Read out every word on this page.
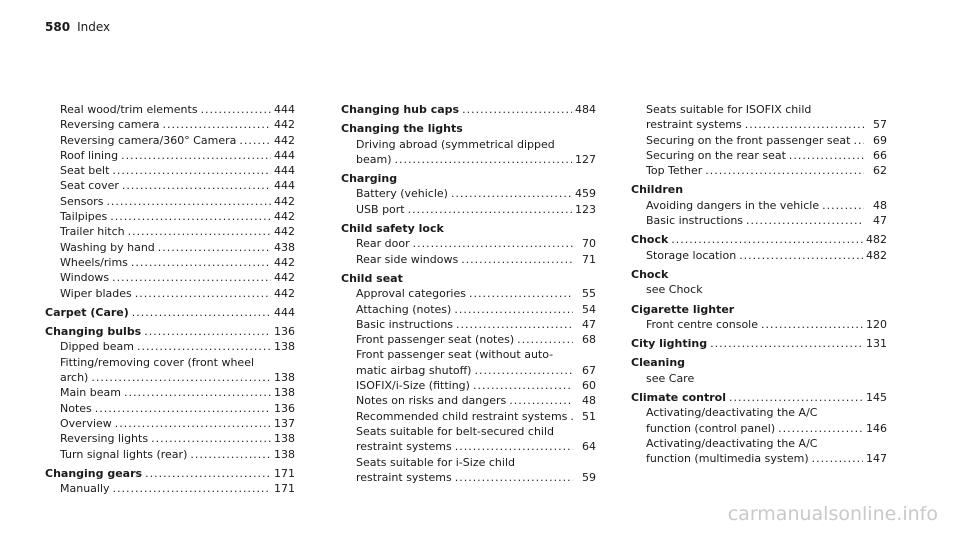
580 Index
Real wood/trim elements .....	444
Reversing camera .....	442
Reversing camera/360° Camera .....	442
Roof lining .....	444
Seat belt .....	444
Seat cover .....	444
Sensors .....	442
Tailpipes .....	442
Trailer hitch .....	442
Washing by hand .....	438
Wheels/rims .....	442
Windows .....	442
Wiper blades .....	442
Carpet (Care) .....	444
Changing bulbs .....	136
Dipped beam .....	138
Fitting/removing cover (front wheel
arch) .....	138
Main beam .....	138
Notes .....	136
Overview .....	137
Reversing lights .....	138
Turn signal lights (rear) .....	138
Changing gears .....	171
Manually .....	171
Changing hub caps .....	484
Changing the lights
Driving abroad (symmetrical dipped
beam) .....	127
Charging
Battery (vehicle) .....	459
USB port .....	123
Child safety lock
Rear door .....	70
Rear side windows .....	71
Child seat
Approval categories .....	55
Attaching (notes) .....	54
Basic instructions .....	47
Front passenger seat (notes) .....	68
Front passenger seat (without auto-
matic airbag shutoff) .....	67
ISOFIX/i-Size (fitting) .....	60
Notes on risks and dangers .....	48
Recommended child restraint systems .....	51
Seats suitable for belt-secured child
restraint systems .....	64
Seats suitable for i-Size child
restraint systems .....	59
Seats suitable for ISOFIX child
restraint systems .....	57
Securing on the front passenger seat .....	69
Securing on the rear seat .....	66
Top Tether .....	62
Children
Avoiding dangers in the vehicle .....	48
Basic instructions .....	47
Chock .....	482
Storage location .....	482
Chock
see Chock
Cigarette lighter
Front centre console .....	120
City lighting .....	131
Cleaning
see Care
Climate control .....	145
Activating/deactivating the A/C
function (control panel) .....	146
Activating/deactivating the A/C
function (multimedia system) .....	147
carmanualsonline.info
